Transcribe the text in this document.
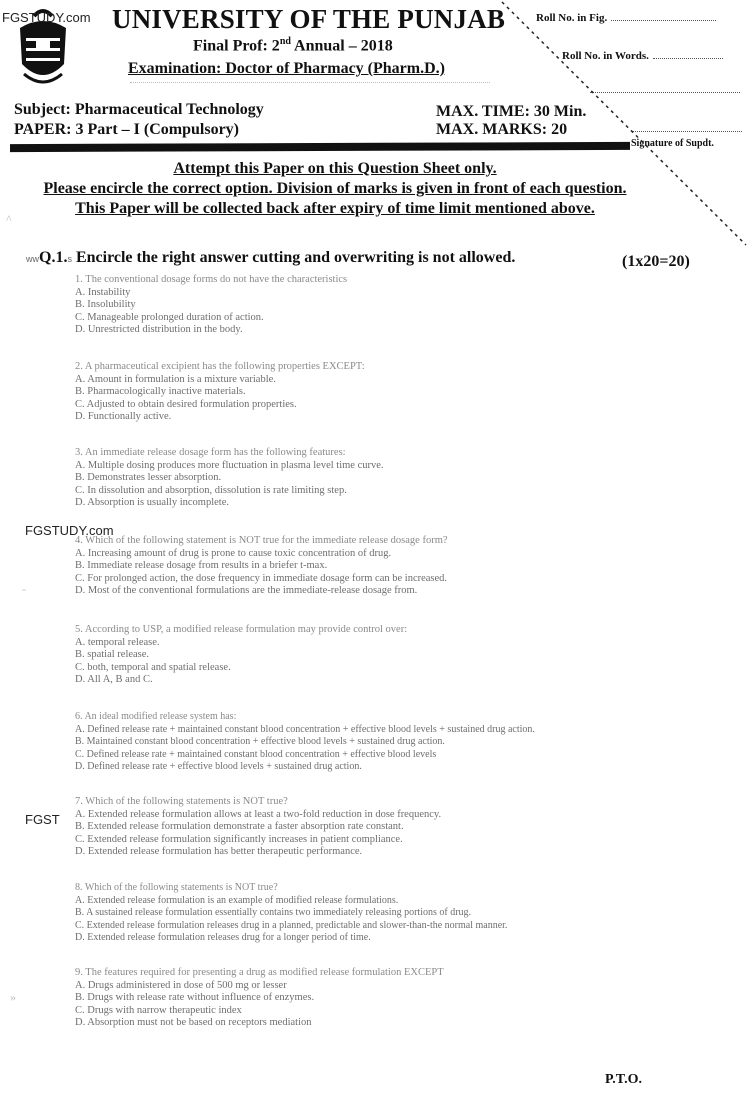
FGSTUDY.com UNIVERSITY OF THE PUNJAB
Final Prof: 2nd Annual – 2018
Examination: Doctor of Pharmacy (Pharm.D.)
Subject: Pharmaceutical Technology
PAPER: 3 Part – I (Compulsory)
MAX. TIME: 30 Min.
MAX. MARKS: 20
Roll No. in Fig.
Roll No. in Words.
Signature of Supdt.
Attempt this Paper on this Question Sheet only.
Please encircle the correct option. Division of marks is given in front of each question.
This Paper will be collected back after expiry of time limit mentioned above.
^
wwQ.1.s Encircle the right answer cutting and overwriting is not allowed.	(1x20=20)
1. The conventional dosage forms do not have the characteristics
A. Instability
B. Insolubility
C. Manageable prolonged duration of action.
D. Unrestricted distribution in the body.
2. A pharmaceutical excipient has the following properties EXCEPT:
A. Amount in formulation is a mixture variable.
B. Pharmacologically inactive materials.
C. Adjusted to obtain desired formulation properties.
D. Functionally active.
3. An immediate release dosage form has the following features:
A. Multiple dosing produces more fluctuation in plasma level time curve.
B. Demonstrates lesser absorption.
C. In dissolution and absorption, dissolution is rate limiting step.
D. Absorption is usually incomplete.
FGSTUDY.com
4. Which of the following statement is NOT true for the immediate release dosage form?
A. Increasing amount of drug is prone to cause toxic concentration of drug.
B. Immediate release dosage from results in a briefer t-max.
C. For prolonged action, the dose frequency in immediate dosage form can be increased.
D. Most of the conventional formulations are the immediate-release dosage from.
-
5. According to USP, a modified release formulation may provide control over:
A. temporal release.
B. spatial release.
C. both, temporal and spatial release.
D. All A, B and C.
6. An ideal modified release system has:
A. Defined release rate + maintained constant blood concentration + effective blood levels + sustained drug action.
B. Maintained constant blood concentration + effective blood levels + sustained drug action.
C. Defined release rate + maintained constant blood concentration + effective blood levels
D. Defined release rate + effective blood levels + sustained drug action.
FGST
7. Which of the following statements is NOT true?
A. Extended release formulation allows at least a two-fold reduction in dose frequency.
B. Extended release formulation demonstrate a faster absorption rate constant.
C. Extended release formulation significantly increases in patient compliance.
D. Extended release formulation has better therapeutic performance.
8. Which of the following statements is NOT true?
A. Extended release formulation is an example of modified release formulations.
B. A sustained release formulation essentially contains two immediately releasing portions of drug.
C. Extended release formulation releases drug in a planned, predictable and slower-than-the normal manner.
D. Extended release formulation releases drug for a longer period of time.
»
9. The features required for presenting a drug as modified release formulation EXCEPT
A. Drugs administered in dose of 500 mg or lesser
B. Drugs with release rate without influence of enzymes.
C. Drugs with narrow therapeutic index
D. Absorption must not be based on receptors mediation
P.T.O.
